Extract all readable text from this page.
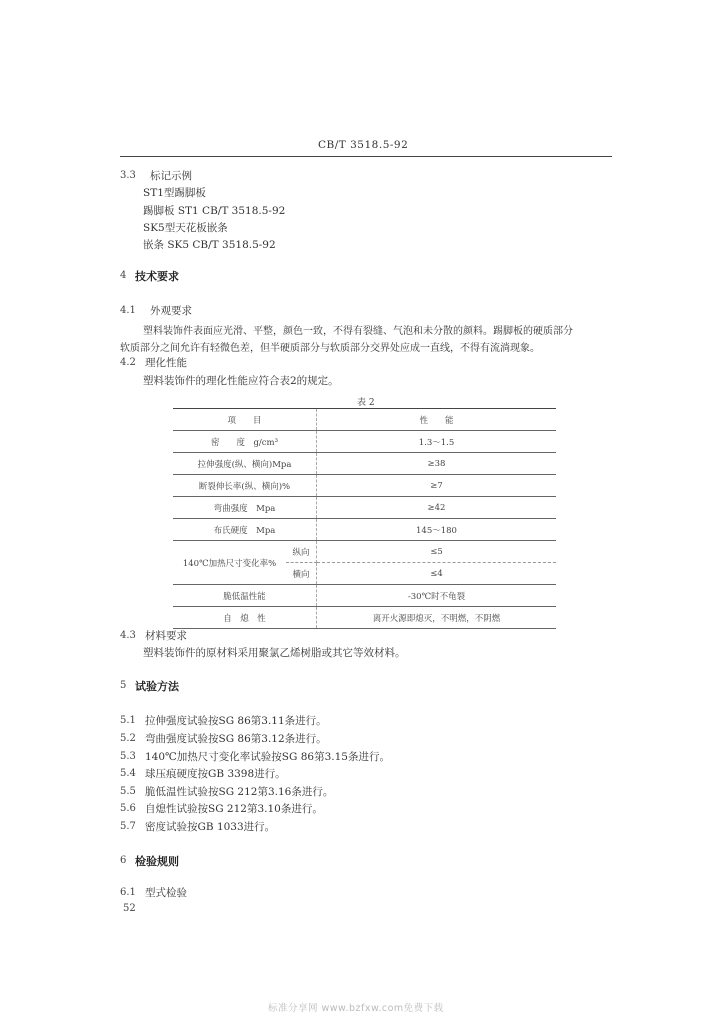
CB/T 3518.5-92
3.3 标记示例
ST1型踢脚板
踢脚板 ST1 CB/T 3518.5-92
SK5型天花板嵌条
嵌条 SK5 CB/T 3518.5-92
4 技术要求
4.1 外观要求
塑料装饰件表面应光滑、平整，颜色一致，不得有裂缝、气泡和未分散的颜料。踢脚板的硬质部分
软质部分之间允许有轻微色差，但半硬质部分与软质部分交界处应成一直线，不得有流淌现象。
4.2 理化性能
塑料装饰件的理化性能应符合表2的规定。
表 2
项　　目		性　　能
密　　度　g/cm³		1.3～1.5
拉伸强度(纵、横向)Mpa		≥38
断裂伸长率(纵、横向)%		≥7
弯曲强度　Mpa		≥42
布氏硬度　Mpa		145～180
140℃加热尺寸变化率%	纵向	≤5
	横向	≤4
脆低温性能		-30℃时不龟裂
自　熄　性		离开火源即熄灭，不明燃，不阴燃
4.3 材料要求
塑料装饰件的原材料采用聚氯乙烯树脂或其它等效材料。
5 试验方法
5.1 拉伸强度试验按SG 86第3.11条进行。
5.2 弯曲强度试验按SG 86第3.12条进行。
5.3 140℃加热尺寸变化率试验按SG 86第3.15条进行。
5.4 球压痕硬度按GB 3398进行。
5.5 脆低温性试验按SG 212第3.16条进行。
5.6 自熄性试验按SG 212第3.10条进行。
5.7 密度试验按GB 1033进行。
6 检验规则
6.1 型式检验
52
标准分享网 www.bzfxw.com免费下载
